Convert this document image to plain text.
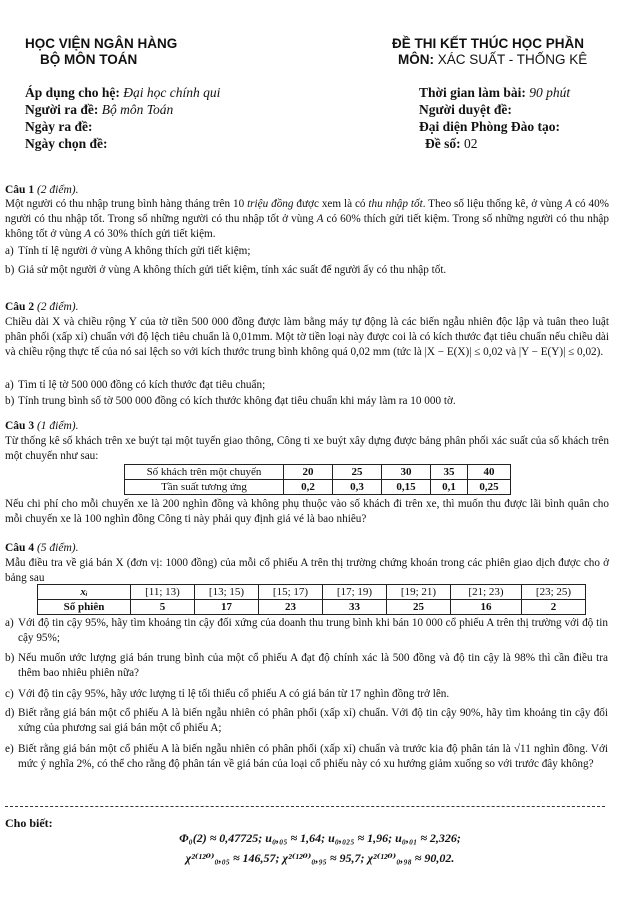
HỌC VIỆN NGÂN HÀNG
BỘ MÔN TOÁN
ĐỀ THI KẾT THÚC HỌC PHẦN
MÔN: XÁC SUẤT - THỐNG KÊ
Áp dụng cho hệ: Đại học chính qui
Người ra đề: Bộ môn Toán
Ngày ra đề:
Ngày chọn đề:
Thời gian làm bài: 90 phút
Người duyệt đề:
Đại diện Phòng Đào tạo:
Đề số: 02
Câu 1 (2 điểm).
Một người có thu nhập trung bình hàng tháng trên 10 triệu đồng được xem là có thu nhập tốt. Theo số liệu thống kê, ở vùng A có 40% người có thu nhập tốt. Trong số những người có thu nhập tốt ở vùng A có 60% thích gửi tiết kiệm. Trong số những người có thu nhập không tốt ở vùng A có 30% thích gửi tiết kiệm.
a) Tính tỉ lệ người ở vùng A không thích gửi tiết kiệm;
b) Giả sử một người ở vùng A không thích gửi tiết kiệm, tính xác suất để người ấy có thu nhập tốt.
Câu 2 (2 điểm).
Chiều dài X và chiều rộng Y của tờ tiền 500 000 đồng được làm bằng máy tự động là các biến ngẫu nhiên độc lập và tuân theo luật phân phối (xấp xỉ) chuẩn với độ lệch tiêu chuẩn là 0,01mm. Một tờ tiền loại này được coi là có kích thước đạt tiêu chuẩn nếu chiều dài và chiều rộng thực tế của nó sai lệch so với kích thước trung bình không quá 0,02 mm (tức là |X − E(X)| ≤ 0,02 và |Y − E(Y)| ≤ 0,02).
a) Tìm tỉ lệ tờ 500 000 đồng có kích thước đạt tiêu chuẩn;
b) Tính trung bình số tờ 500 000 đồng có kích thước không đạt tiêu chuẩn khi máy làm ra 10 000 tờ.
Câu 3 (1 điểm).
Từ thống kê số khách trên xe buýt tại một tuyến giao thông, Công ti xe buýt xây dựng được bảng phân phối xác suất của số khách trên một chuyến như sau:
Số khách trên một chuyến	20	25	30	35	40
Tần suất tương ứng	0,2	0,3	0,15	0,1	0,25
Nếu chi phí cho mỗi chuyến xe là 200 nghìn đồng và không phụ thuộc vào số khách đi trên xe, thì muốn thu được lãi bình quân cho mỗi chuyến xe là 100 nghìn đồng Công ti này phải quy định giá vé là bao nhiêu?
Câu 4 (5 điểm).
Mẫu điều tra về giá bán X (đơn vị: 1000 đồng) của mỗi cổ phiếu A trên thị trường chứng khoán trong các phiên giao dịch được cho ở bảng sau
xᵢ	[11; 13)	[13; 15)	[15; 17)	[17; 19)	[19; 21)	[21; 23)	[23; 25)
Số phiên	5	17	23	33	25	16	2
a) Với độ tin cậy 95%, hãy tìm khoảng tin cậy đối xứng của doanh thu trung bình khi bán 10 000 cổ phiếu A trên thị trường với độ tin cậy 95%;
b) Nếu muốn ước lượng giá bán trung bình của một cổ phiếu A đạt độ chính xác là 500 đồng và độ tin cậy là 98% thì cần điều tra thêm bao nhiêu phiên nữa?
c) Với độ tin cậy 95%, hãy ước lượng tỉ lệ tối thiểu cổ phiếu A có giá bán từ 17 nghìn đồng trở lên.
d) Biết rằng giá bán một cổ phiếu A là biến ngẫu nhiên có phân phối (xấp xỉ) chuẩn. Với độ tin cậy 90%, hãy tìm khoảng tin cậy đối xứng của phương sai giá bán một cổ phiếu A;
e) Biết rằng giá bán một cổ phiếu A là biến ngẫu nhiên có phân phối (xấp xỉ) chuẩn và trước kia độ phân tán là √11 nghìn đồng. Với mức ý nghĩa 2%, có thể cho rằng độ phân tán về giá bán của loại cổ phiếu này có xu hướng giảm xuống so với trước đây không?
Cho biết:
Φ₀(2) ≈ 0,47725; u₀,₀₅ ≈ 1,64; u₀,₀₂₅ ≈ 1,96; u₀,₀₁ ≈ 2,326;
χ²⁽¹²⁰⁾₀,₀₅ ≈ 146,57; χ²⁽¹²⁰⁾₀,₉₅ ≈ 95,7; χ²⁽¹²⁰⁾₀,₉₈ ≈ 90,02.
